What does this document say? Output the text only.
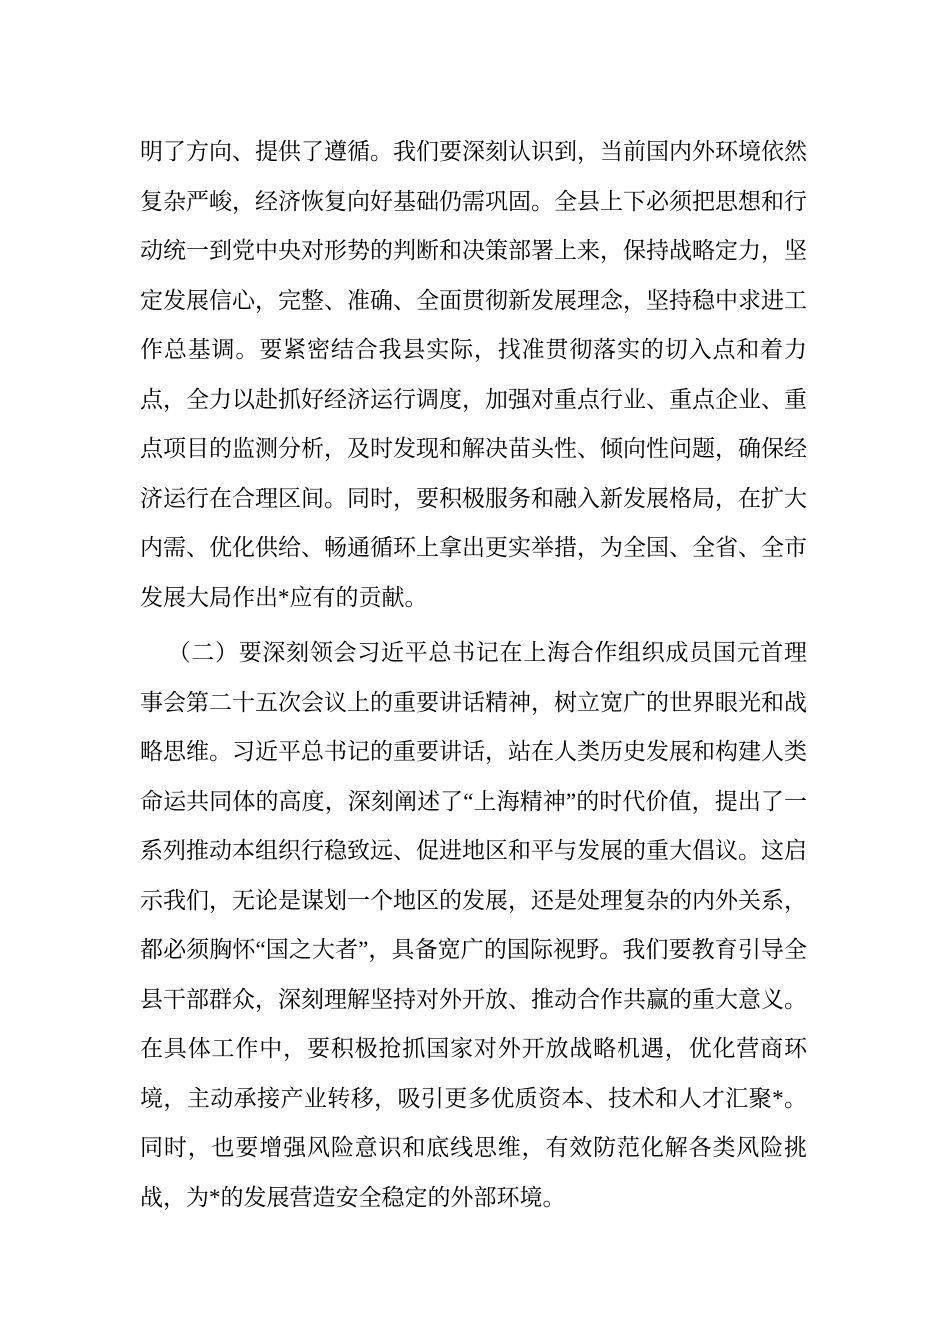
明了方向、提供了遵循。我们要深刻认识到，当前国内外环境依然复杂严峻，经济恢复向好基础仍需巩固。全县上下必须把思想和行动统一到党中央对形势的判断和决策部署上来，保持战略定力，坚定发展信心，完整、准确、全面贯彻新发展理念，坚持稳中求进工作总基调。要紧密结合我县实际，找准贯彻落实的切入点和着力点，全力以赴抓好经济运行调度，加强对重点行业、重点企业、重点项目的监测分析，及时发现和解决苗头性、倾向性问题，确保经济运行在合理区间。同时，要积极服务和融入新发展格局，在扩大内需、优化供给、畅通循环上拿出更实举措，为全国、全省、全市发展大局作出*应有的贡献。

（二）要深刻领会习近平总书记在上海合作组织成员国元首理事会第二十五次会议上的重要讲话精神，树立宽广的世界眼光和战略思维。习近平总书记的重要讲话，站在人类历史发展和构建人类命运共同体的高度，深刻阐述了“上海精神”的时代价值，提出了一系列推动本组织行稳致远、促进地区和平与发展的重大倡议。这启示我们，无论是谋划一个地区的发展，还是处理复杂的内外关系，都必须胸怀“国之大者”，具备宽广的国际视野。我们要教育引导全县干部群众，深刻理解坚持对外开放、推动合作共赢的重大意义。在具体工作中，要积极抢抓国家对外开放战略机遇，优化营商环境，主动承接产业转移，吸引更多优质资本、技术和人才汇聚*。同时，也要增强风险意识和底线思维，有效防范化解各类风险挑战，为*的发展营造安全稳定的外部环境。
